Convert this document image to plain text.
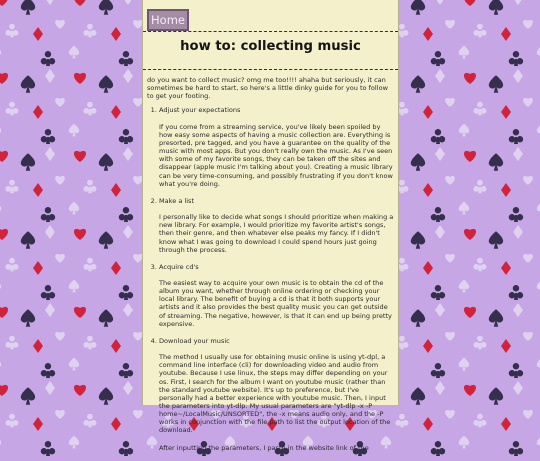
Home
how to: collecting music

do you want to collect music? omg me too!!!! ahaha but seriously, it can sometimes be hard to start, so here's a little dinky guide for you to follow to get your footing.

1. Adjust your expectations

If you come from a streaming service, you've likely been spoiled by how easy some aspects of having a music collection are. Everything is presorted, pre tagged, and you have a guarantee on the quality of the music with most apps. But you don't really own the music. As I've seen with some of my favorite songs, they can be taken off the sites and disappear (apple music I'm talking about you). Creating a music library can be very time-consuming, and possibly frustrating if you don't know what you're doing.

2. Make a list

I personally like to decide what songs I should prioritize when making a new library. For example, I would prioritize my favorite artist's songs, then their genre, and then whatever else peaks my fancy. If I didn't know what I was going to download I could spend hours just going through the process.

3. Acquire cd's

The easiest way to acquire your own music is to obtain the cd of the album you want, whether through online ordering or checking your local library. The benefit of buying a cd is that it both supports your artists and it also provides the best quality music you can get outside of streaming. The negative, however, is that it can end up being pretty expensive.

4. Download your music

The method I usually use for obtaining music online is using yt-dpl, a command line interface (cli) for downloading video and audio from youtube. Because I use linux, the steps may differ depending on your os. First, I search for the album I want on youtube music (rather than the standard youtube website). It's up to preference, but I've personally had a better experience with youtube music. Then, I input the parameters into yt-dlp. My usual parameters are "yt-dlp -x -P home~/LocalMusic/UNSORTED", the -x means audio only, and the -P works in conjunction with the file path to list the output location of the download.

After inputting the parameters, I paste in the website link of the
